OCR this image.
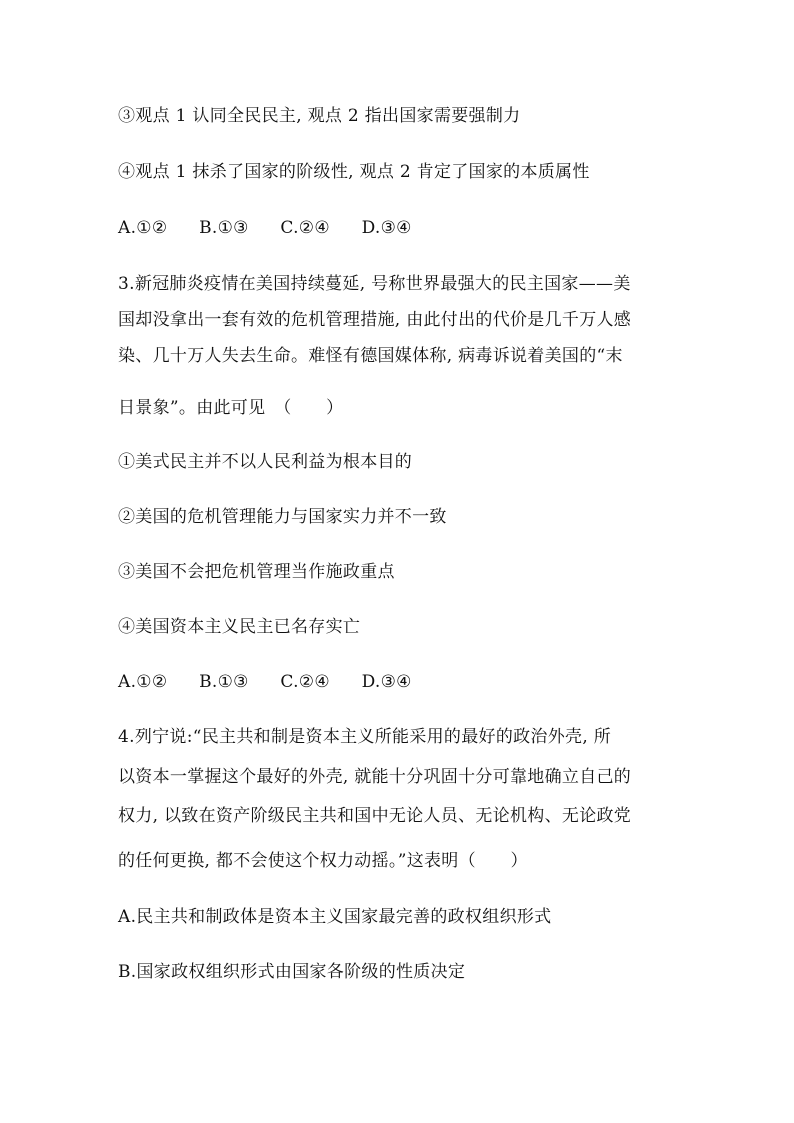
③观点 1 认同全民民主, 观点 2 指出国家需要强制力
④观点 1 抹杀了国家的阶级性, 观点 2 肯定了国家的本质属性
A.①② B.①③ C.②④ D.③④
3.新冠肺炎疫情在美国持续蔓延, 号称世界最强大的民主国家——美
国却没拿出一套有效的危机管理措施, 由此付出的代价是几千万人感
染、几十万人失去生命。难怪有德国媒体称, 病毒诉说着美国的“末
日景象”。由此可见　（　　）
①美式民主并不以人民利益为根本目的
②美国的危机管理能力与国家实力并不一致
③美国不会把危机管理当作施政重点
④美国资本主义民主已名存实亡
A.①② B.①③ C.②④ D.③④
4.列宁说:“民主共和制是资本主义所能采用的最好的政治外壳, 所
以资本一掌握这个最好的外壳, 就能十分巩固十分可靠地确立自己的
权力, 以致在资产阶级民主共和国中无论人员、无论机构、无论政党
的任何更换, 都不会使这个权力动摇。”这表明（　　）
A.民主共和制政体是资本主义国家最完善的政权组织形式
B.国家政权组织形式由国家各阶级的性质决定
